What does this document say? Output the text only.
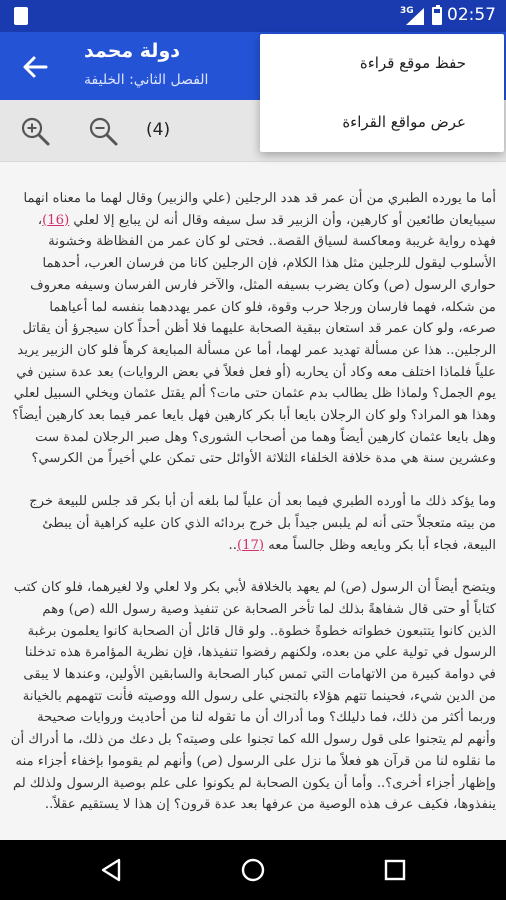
3G 02:57
دولة محمد
الفصل الثاني: الخليفة
(4)
حفظ موقع قراءة
عرض مواقع القراءة

أما ما يورده الطبري من أن عمر قد هدد الرجلين (علي والزبير) وقال لهما ما معناه انهما سيبايعان طائعين أو كارهين، وأن الزبير قد سل سيفه وقال أنه لن يبايع إلا لعلي (16)، فهذه رواية غريبة ومعاكسة لسياق القصة.. فحتى لو كان عمر من الفظاظة وخشونة الأسلوب ليقول للرجلين مثل هذا الكلام، فإن الرجلين كانا من فرسان العرب، أحدهما حواري الرسول (ص) وكان يضرب بسيفه المثل، والآخر فارس الفرسان وسيفه معروف من شكله، فهما فارسان ورجلا حرب وقوة، فلو كان عمر يهددهما بنفسه لما أعياهما صرعه، ولو كان عمر قد استعان ببقية الصحابة عليهما فلا أظن أحداً كان سيجرؤ أن يقاتل الرجلين.. هذا عن مسألة تهديد عمر لهما، أما عن مسألة المبايعة كرهاً فلو كان الزبير يريد علياً فلماذا اختلف معه وكاد أن يحاربه (أو فعل فعلاً في بعض الروايات) بعد عدة سنين في يوم الجمل؟ ولماذا ظل يطالب بدم عثمان حتى مات؟ ألم يقتل عثمان ويخلي السبيل لعلي وهذا هو المراد؟ ولو كان الرجلان بايعا أبا بكر كارهين فهل بايعا عمر فيما بعد كارهين أيضاً؟ وهل بايعا عثمان كارهين أيضاً وهما من أصحاب الشورى؟ وهل صبر الرجلان لمدة ست وعشرين سنة هي مدة خلافة الخلفاء الثلاثة الأوائل حتى تمكن علي أخيراً من الكرسي؟

وما يؤكد ذلك ما أورده الطبري فيما بعد أن علياً لما بلغه أن أبا بكر قد جلس للبيعة خرج من بيته متعجلاً حتى أنه لم يلبس جيداً بل خرج بردائه الذي كان عليه كراهية أن يبطئ البيعة، فجاء أبا بكر وبايعه وظل جالساً معه (17)..

ويتضح أيضاً أن الرسول (ص) لم يعهد بالخلافة لأبي بكر ولا لعلي ولا لغيرهما، فلو كان كتب كتاباً أو حتى قال شفاهةً بذلك لما تأخر الصحابة عن تنفيذ وصية رسول الله (ص) وهم الذين كانوا يتتبعون خطواته خطوةً خطوة.. ولو قال قائل أن الصحابة كانوا يعلمون برغبة الرسول في تولية علي من بعده، ولكنهم رفضوا تنفيذها، فإن نظرية المؤامرة هذه تدخلنا في دوامة كبيرة من الاتهامات التي تمس كبار الصحابة والسابقين الأولين، وعندها لا يبقى من الدين شيء، فحينما تتهم هؤلاء بالتجني على رسول الله ووصيته فأنت تتهمهم بالخيانة وربما أكثر من ذلك، فما دليلك؟ وما أدراك أن ما تقوله لنا من أحاديث وروايات صحيحة وأنهم لم يتجنوا على قول رسول الله كما تجنوا على وصيته؟ بل دعك من ذلك، ما أدراك أن ما نقلوه لنا من قرآن هو فعلاً ما نزل على الرسول (ص) وأنهم لم يقوموا بإخفاء أجزاء منه وإظهار أجزاء أخرى؟.. وأما أن يكون الصحابة لم يكونوا على علم بوصية الرسول ولذلك لم ينفذوها، فكيف عرف هذه الوصية من عرفها بعد عدة قرون؟ إن هذا لا يستقيم عقلاً..
